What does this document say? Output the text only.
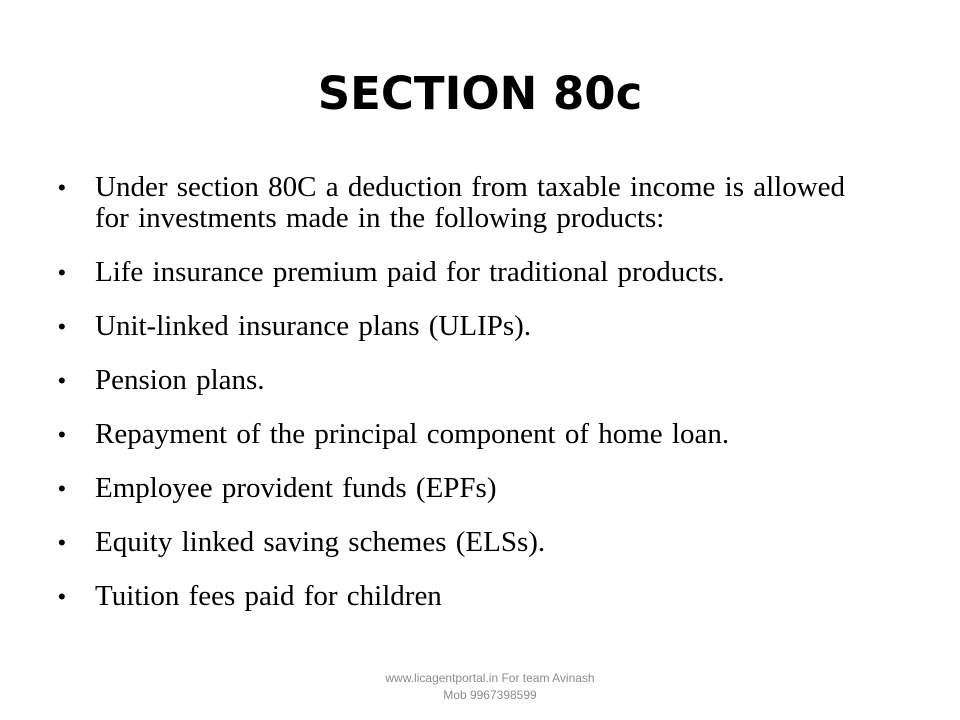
SECTION 80c
•	Under section 80C a deduction from taxable income is allowed for investments made in the following products:
•	Life insurance premium paid for traditional products.
•	Unit-linked insurance plans (ULIPs).
•	Pension plans.
•	Repayment of the principal component of home loan.
•	Employee provident funds (EPFs)
•	Equity linked saving schemes (ELSs).
•	Tuition fees paid for children
www.licagentportal.in For team Avinash
Mob 9967398599
